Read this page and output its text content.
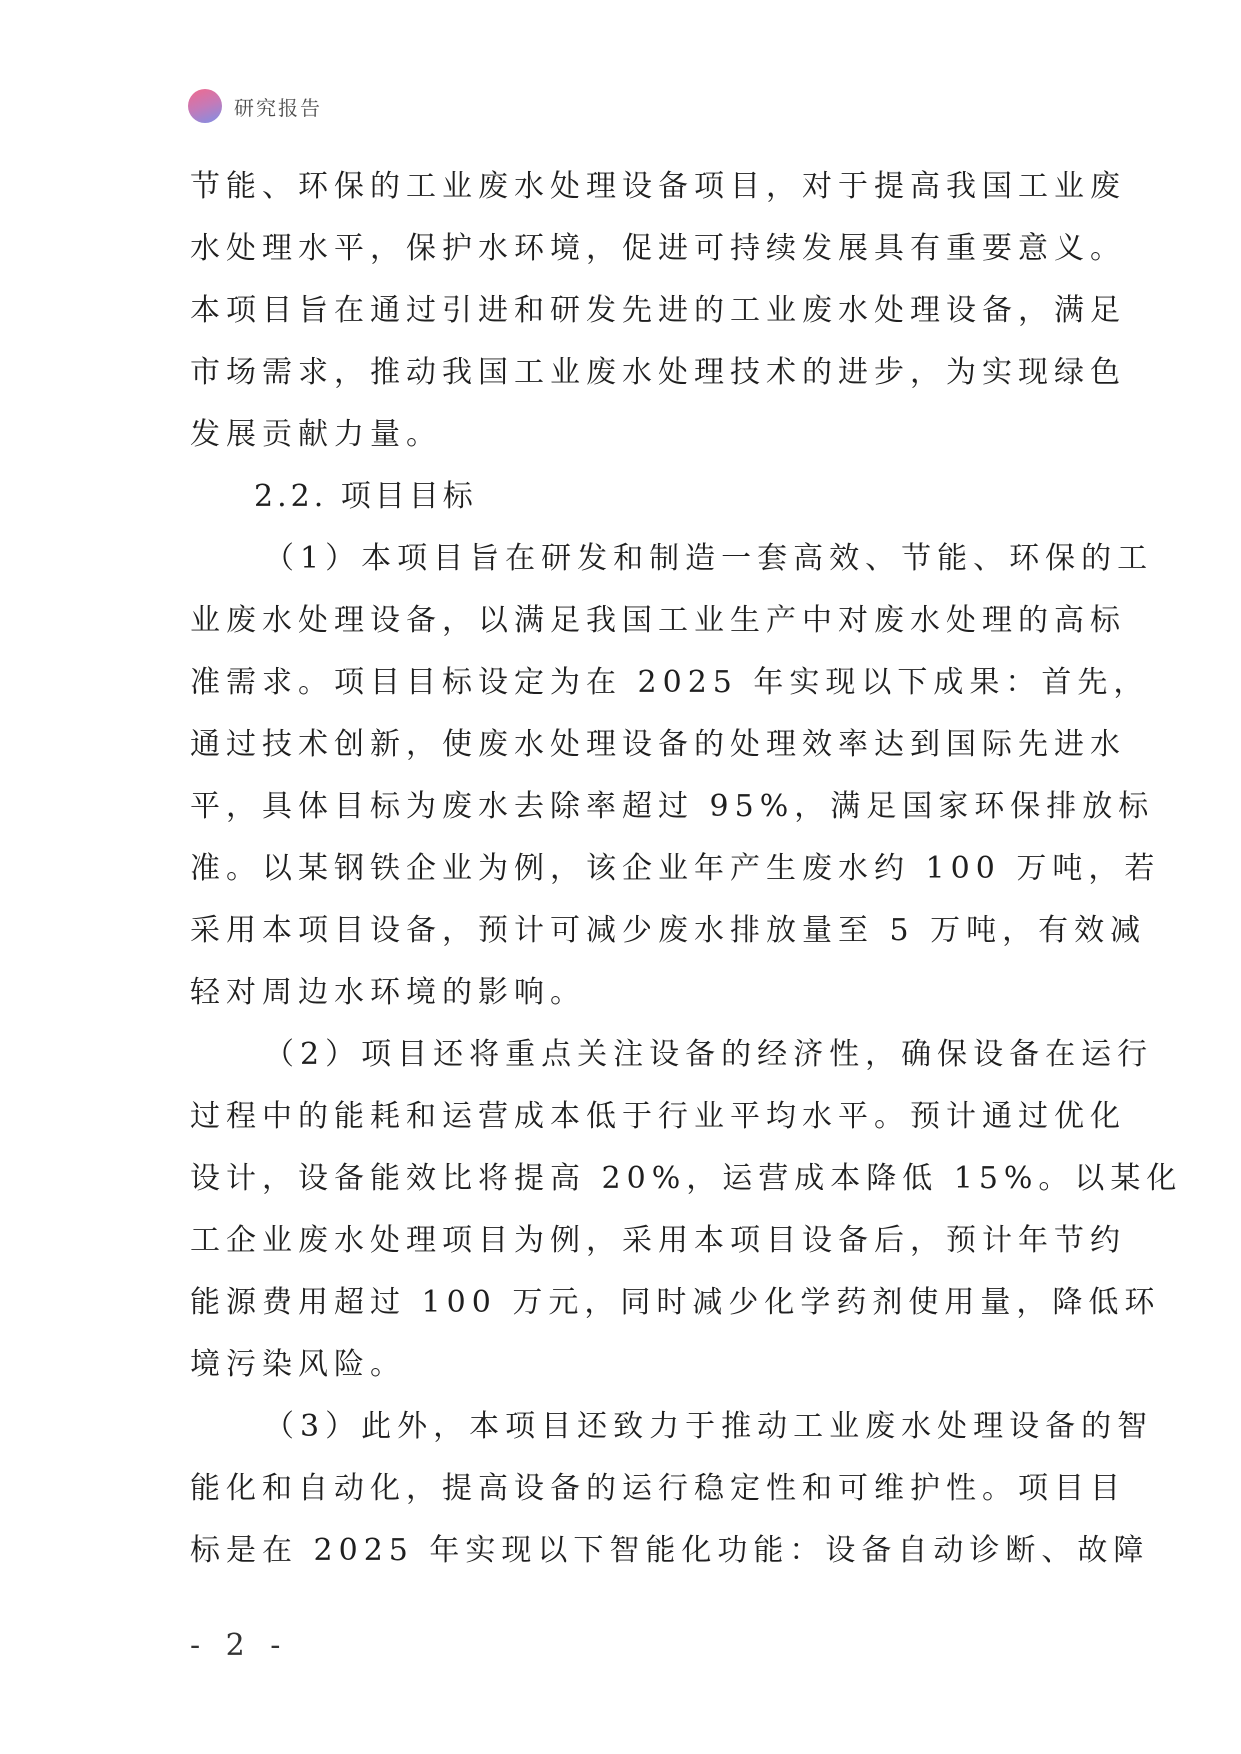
研究报告
节能、环保的工业废水处理设备项目，对于提高我国工业废
水处理水平，保护水环境，促进可持续发展具有重要意义。
本项目旨在通过引进和研发先进的工业废水处理设备，满足
市场需求，推动我国工业废水处理技术的进步，为实现绿色
发展贡献力量。
2.2. 项目目标
（1）本项目旨在研发和制造一套高效、节能、环保的工
业废水处理设备，以满足我国工业生产中对废水处理的高标
准需求。项目目标设定为在 2025 年实现以下成果：首先，
通过技术创新，使废水处理设备的处理效率达到国际先进水
平，具体目标为废水去除率超过 95%，满足国家环保排放标
准。以某钢铁企业为例，该企业年产生废水约 100 万吨，若
采用本项目设备，预计可减少废水排放量至 5 万吨，有效减
轻对周边水环境的影响。
（2）项目还将重点关注设备的经济性，确保设备在运行
过程中的能耗和运营成本低于行业平均水平。预计通过优化
设计，设备能效比将提高 20%，运营成本降低 15%。以某化
工企业废水处理项目为例，采用本项目设备后，预计年节约
能源费用超过 100 万元，同时减少化学药剂使用量，降低环
境污染风险。
（3）此外，本项目还致力于推动工业废水处理设备的智
能化和自动化，提高设备的运行稳定性和可维护性。项目目
标是在 2025 年实现以下智能化功能：设备自动诊断、故障
- 2 -
